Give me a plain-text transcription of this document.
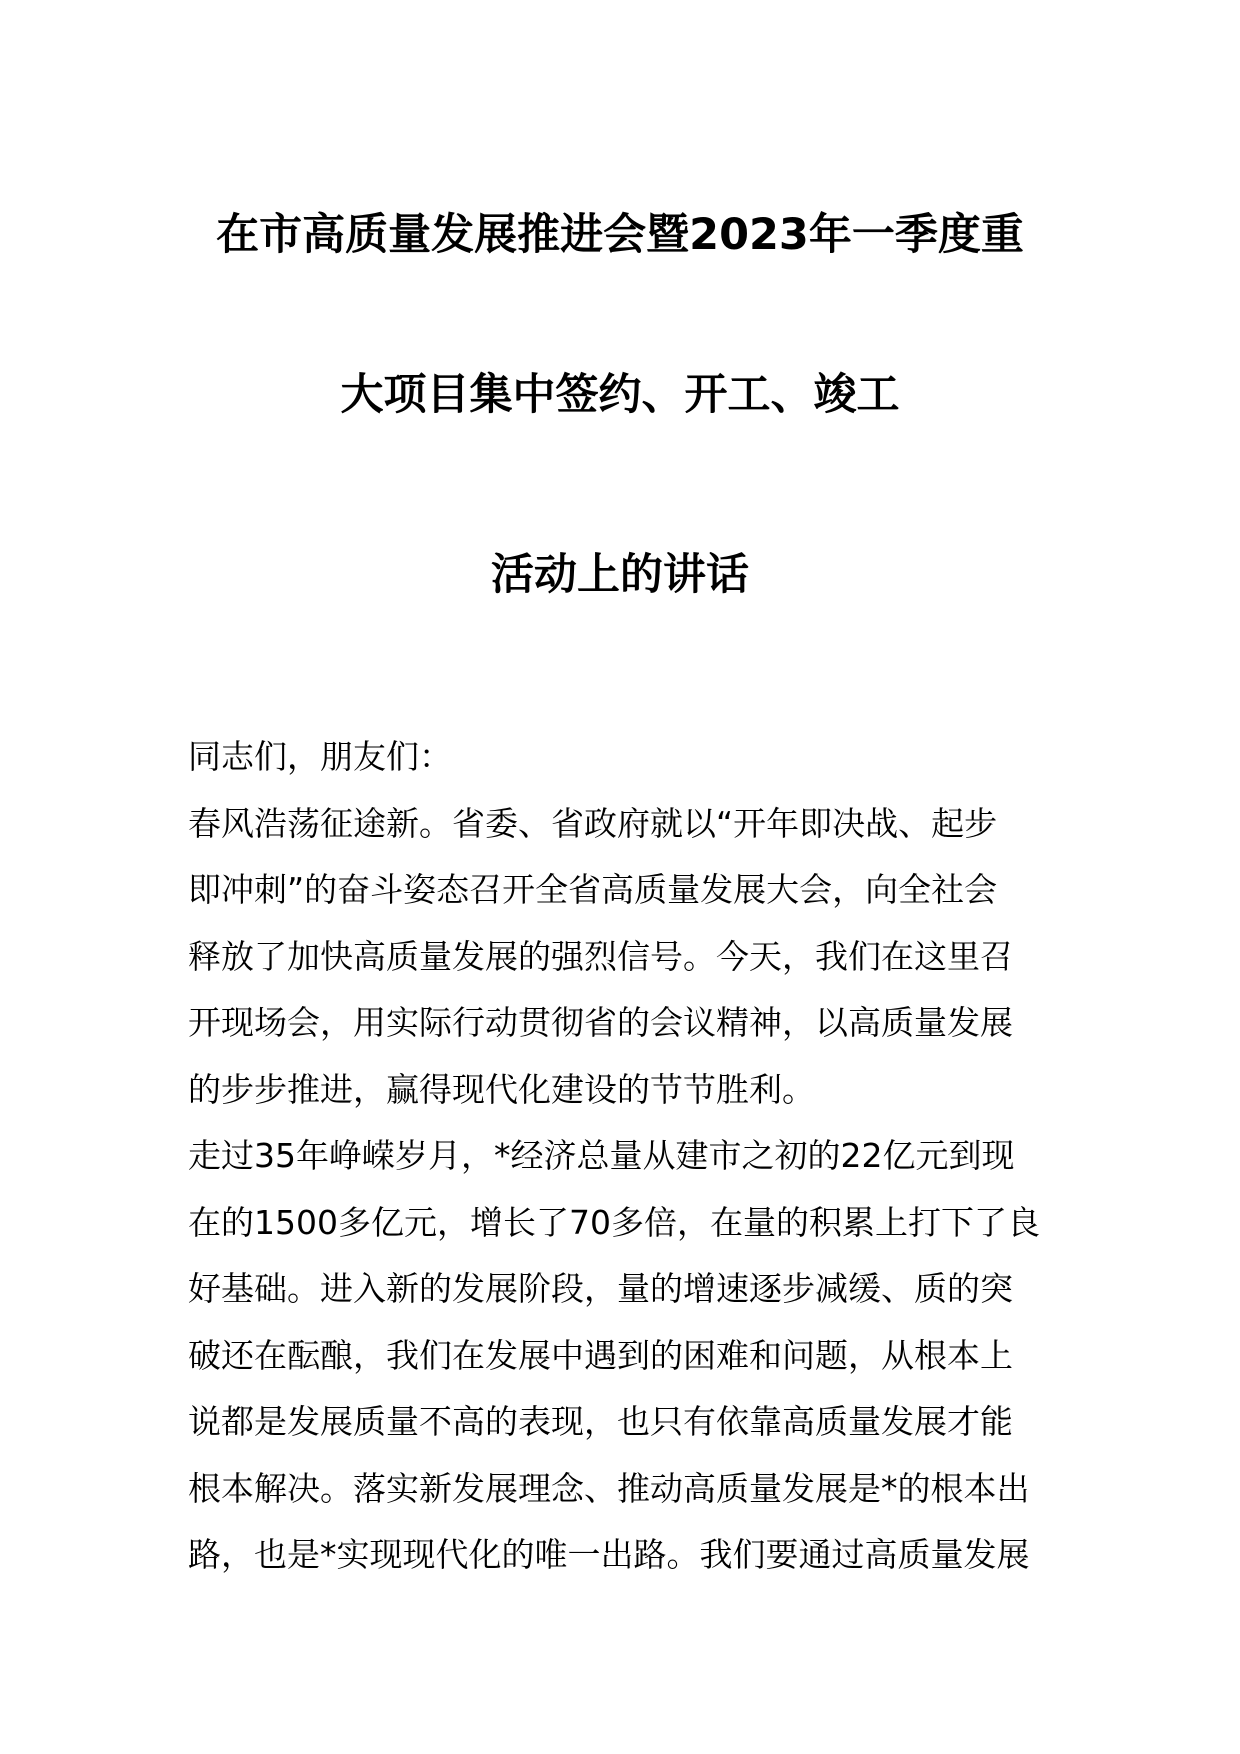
在市高质量发展推进会暨2023年一季度重
大项目集中签约、开工、竣工
活动上的讲话

同志们，朋友们：

春风浩荡征途新。省委、省政府就以“开年即决战、起步

即冲刺”的奋斗姿态召开全省高质量发展大会，向全社会

释放了加快高质量发展的强烈信号。今天，我们在这里召

开现场会，用实际行动贯彻省的会议精神，以高质量发展

的步步推进，赢得现代化建设的节节胜利。

走过35年峥嵘岁月，*经济总量从建市之初的22亿元到现

在的1500多亿元，增长了70多倍，在量的积累上打下了良

好基础。进入新的发展阶段，量的增速逐步减缓、质的突

破还在酝酿，我们在发展中遇到的困难和问题，从根本上

说都是发展质量不高的表现，也只有依靠高质量发展才能

根本解决。落实新发展理念、推动高质量发展是*的根本出

路，也是*实现现代化的唯一出路。我们要通过高质量发展
